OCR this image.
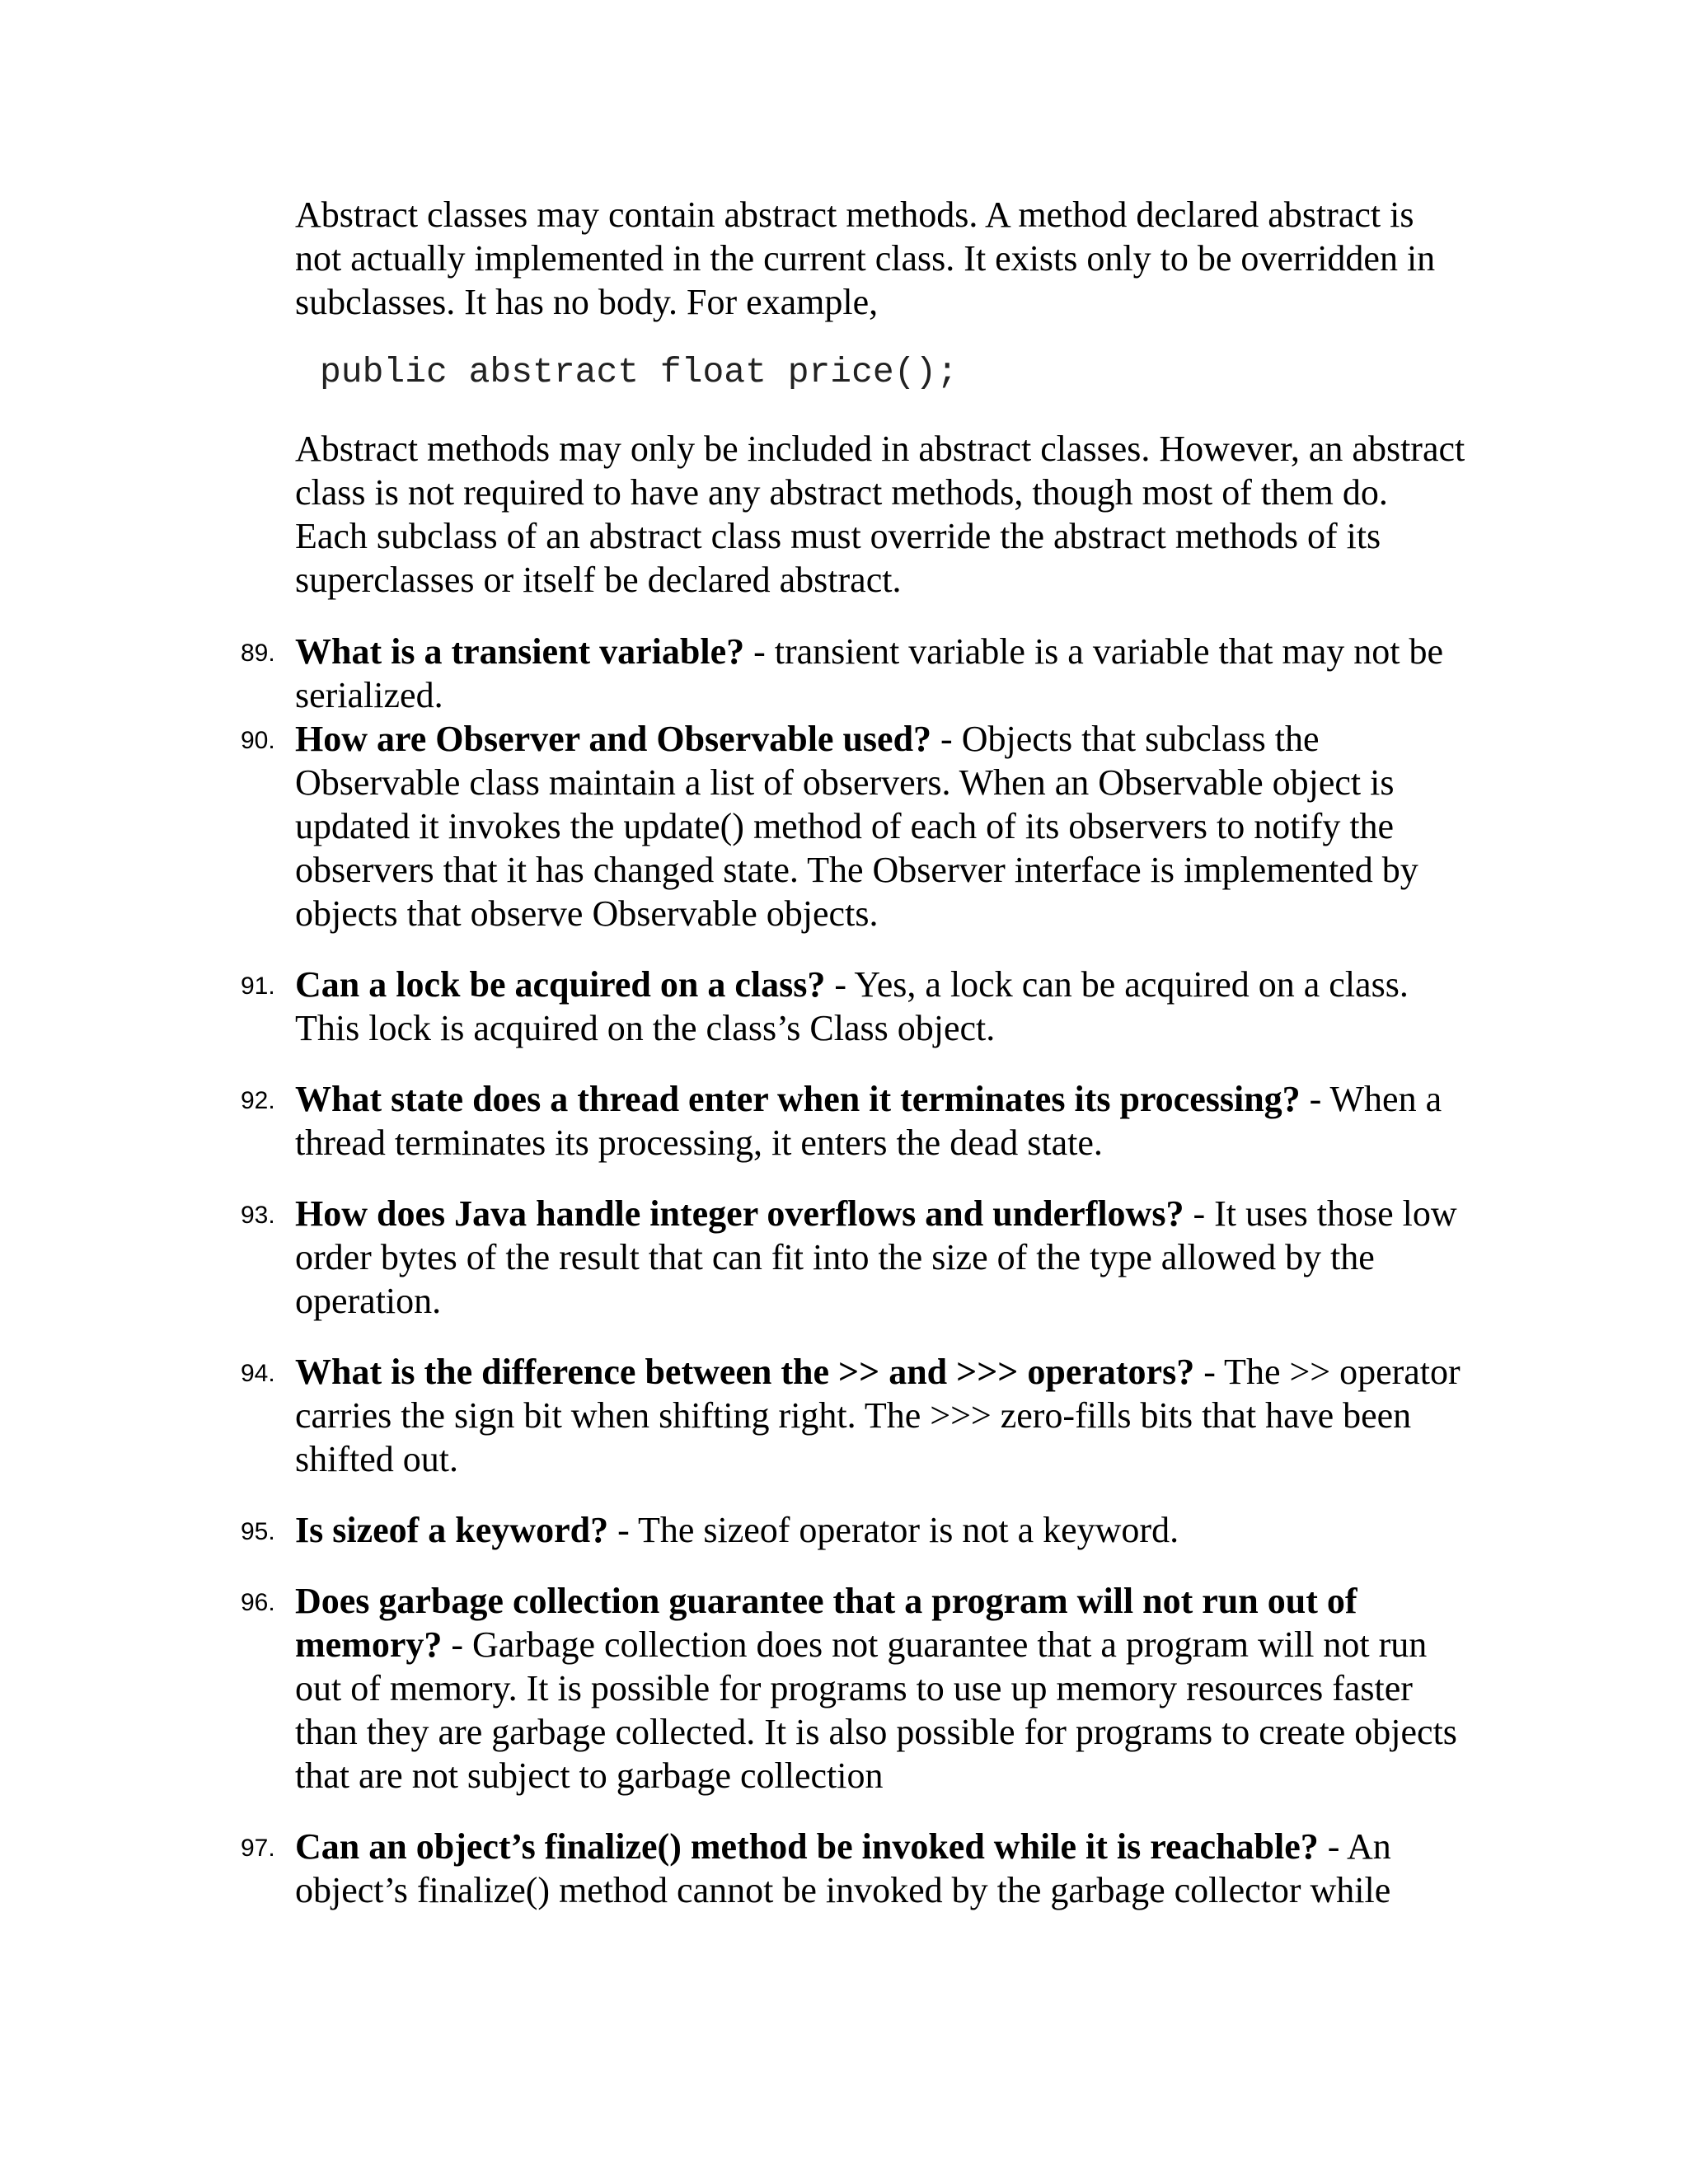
Abstract classes may contain abstract methods. A method declared abstract is not actually implemented in the current class. It exists only to be overridden in subclasses. It has no body. For example,

public abstract float price();

Abstract methods may only be included in abstract classes. However, an abstract class is not required to have any abstract methods, though most of them do. Each subclass of an abstract class must override the abstract methods of its superclasses or itself be declared abstract.

89. What is a transient variable? - transient variable is a variable that may not be serialized.
90. How are Observer and Observable used? - Objects that subclass the Observable class maintain a list of observers. When an Observable object is updated it invokes the update() method of each of its observers to notify the observers that it has changed state. The Observer interface is implemented by objects that observe Observable objects.
91. Can a lock be acquired on a class? - Yes, a lock can be acquired on a class. This lock is acquired on the class’s Class object.
92. What state does a thread enter when it terminates its processing? - When a thread terminates its processing, it enters the dead state.
93. How does Java handle integer overflows and underflows? - It uses those low order bytes of the result that can fit into the size of the type allowed by the operation.
94. What is the difference between the >> and >>> operators? - The >> operator carries the sign bit when shifting right. The >>> zero-fills bits that have been shifted out.
95. Is sizeof a keyword? - The sizeof operator is not a keyword.
96. Does garbage collection guarantee that a program will not run out of memory? - Garbage collection does not guarantee that a program will not run out of memory. It is possible for programs to use up memory resources faster than they are garbage collected. It is also possible for programs to create objects that are not subject to garbage collection
97. Can an object’s finalize() method be invoked while it is reachable? - An object’s finalize() method cannot be invoked by the garbage collector while
